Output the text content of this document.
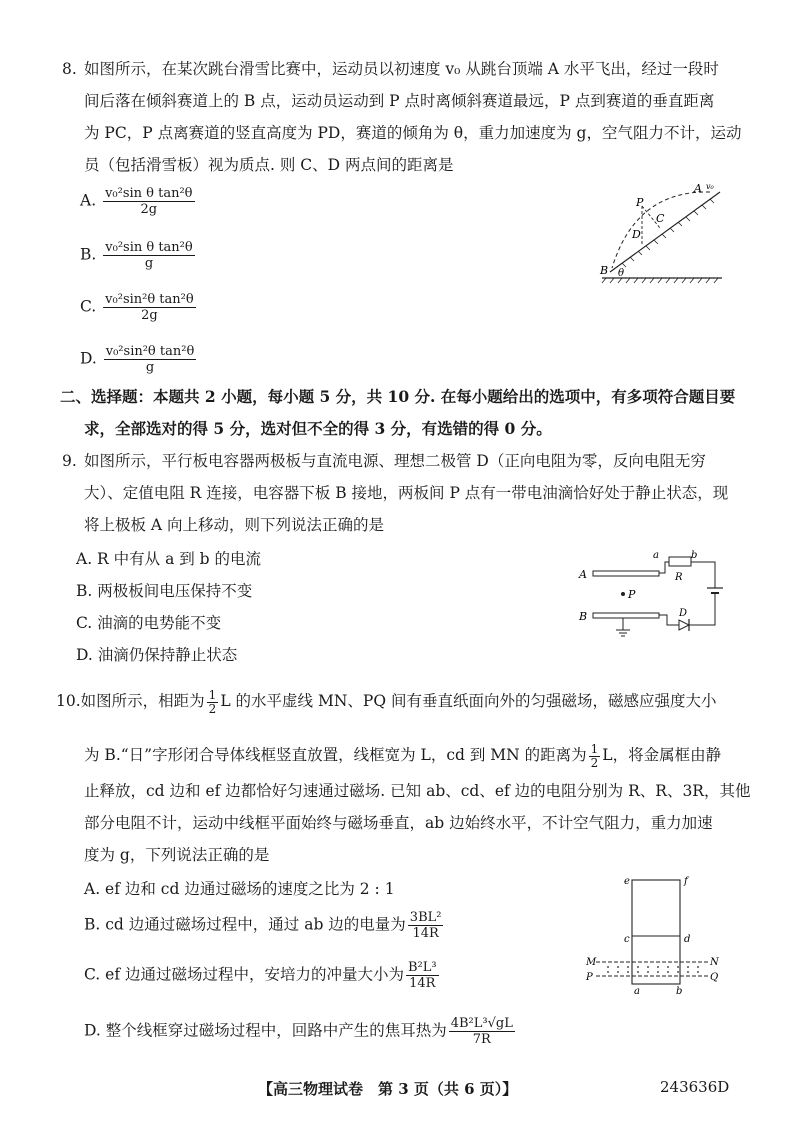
8. 如图所示，在某次跳台滑雪比赛中，运动员以初速度 v₀ 从跳台顶端 A 水平飞出，经过一段时
间后落在倾斜赛道上的 B 点，运动员运动到 P 点时离倾斜赛道最远，P 点到赛道的垂直距离
为 PC，P 点离赛道的竖直高度为 PD，赛道的倾角为 θ，重力加速度为 g，空气阻力不计，运动
员（包括滑雪板）视为质点. 则 C、D 两点间的距离是
A. $\frac{\text{v₀²sin θ tan²θ}}{2g}$
B. $\frac{\text{v₀²sin θ tan²θ}}{g}$
C. $\frac{\text{v₀²sin²θ tan²θ}}{2g}$
D. $\frac{\text{v₀²sin²θ tan²θ}}{g}$
P
C
D
A v₀
B θ
二、选择题：本题共 2 小题，每小题 5 分，共 10 分. 在每小题给出的选项中，有多项符合题目要
求，全部选对的得 5 分，选对但不全的得 3 分，有选错的得 0 分。
9. 如图所示，平行板电容器两极板与直流电源、理想二极管 D（正向电阻为零，反向电阻无穷
大）、定值电阻 R 连接，电容器下板 B 接地，两板间 P 点有一带电油滴恰好处于静止状态，现
将上极板 A 向上移动，则下列说法正确的是
A. R 中有从 a 到 b 的电流
B. 两极板间电压保持不变
C. 油滴的电势能不变
D. 油滴仍保持静止状态
A
B
P
a	b
R
D
10.如图所示，相距为 $\frac{1}{2}$ L 的水平虚线 MN、PQ 间有垂直纸面向外的匀强磁场，磁感应强度大小
为 B.“日”字形闭合导体线框竖直放置，线框宽为 L，cd 到 MN 的距离为 $\frac{1}{2}$ L，将金属框由静
止释放，cd 边和 ef 边都恰好匀速通过磁场. 已知 ab、cd、ef 边的电阻分别为 R、R、3R，其他
部分电阻不计，运动中线框平面始终与磁场垂直，ab 边始终水平，不计空气阻力，重力加速
度为 g，下列说法正确的是
A. ef 边和 cd 边通过磁场的速度之比为 2 : 1
B. cd 边通过磁场过程中，通过 ab 边的电量为 $\frac{\text{3BL²}}{14R}$
C. ef 边通过磁场过程中，安培力的冲量大小为 $\frac{\text{B²L³}}{14R}$
D. 整个线框穿过磁场过程中，回路中产生的焦耳热为 $\frac{\text{4B²L³√gL}}{7R}$
e	f
c	d
M	N
P	Q
a	b
【高三物理试卷　第 3 页（共 6 页）】	243636D
